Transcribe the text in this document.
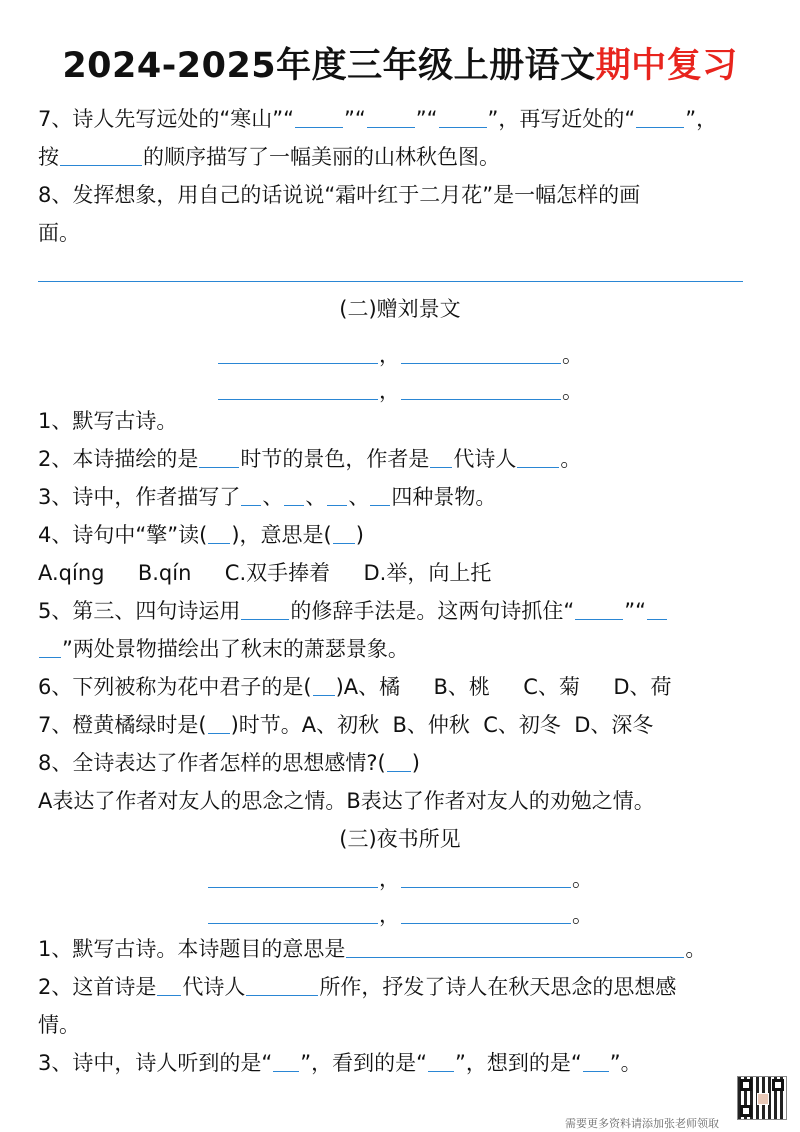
2024-2025年度三年级上册语文期中复习
7、诗人先写远处的“寒山”“ ”“ ”“ ”，再写近处的“ ”，
按	的顺序描写了一幅美丽的山林秋色图。
8、发挥想象，用自己的话说说“霜叶红于二月花”是一幅怎样的画
面。
(二)赠刘景文
，	。
，	。
1、默写古诗。
2、本诗描绘的是 时节的景色，作者是 代诗人 。
3、诗中，作者描写了 、 、 、 四种景物。
4、诗句中“擎”读( )，意思是( )
A.qíng     B.qín     C.双手捧着     D.举，向上托
5、第三、四句诗运用 的修辞手法是。这两句诗抓住“ ”“
”两处景物描绘出了秋末的萧瑟景象。
6、下列被称为花中君子的是( )A、橘     B、桃     C、菊     D、荷
7、橙黄橘绿时是( )时节。A、初秋  B、仲秋  C、初冬  D、深冬
8、全诗表达了作者怎样的思想感情?( )
A表达了作者对友人的思念之情。B表达了作者对友人的劝勉之情。
(三)夜书所见
，	。
，	。
1、默写古诗。本诗题目的意思是	。
2、这首诗是 代诗人	所作，抒发了诗人在秋天思念的思想感
情。
3、诗中，诗人听到的是“ ”，看到的是“ ”，想到的是“ ”。
需要更多资料请添加张老师领取
